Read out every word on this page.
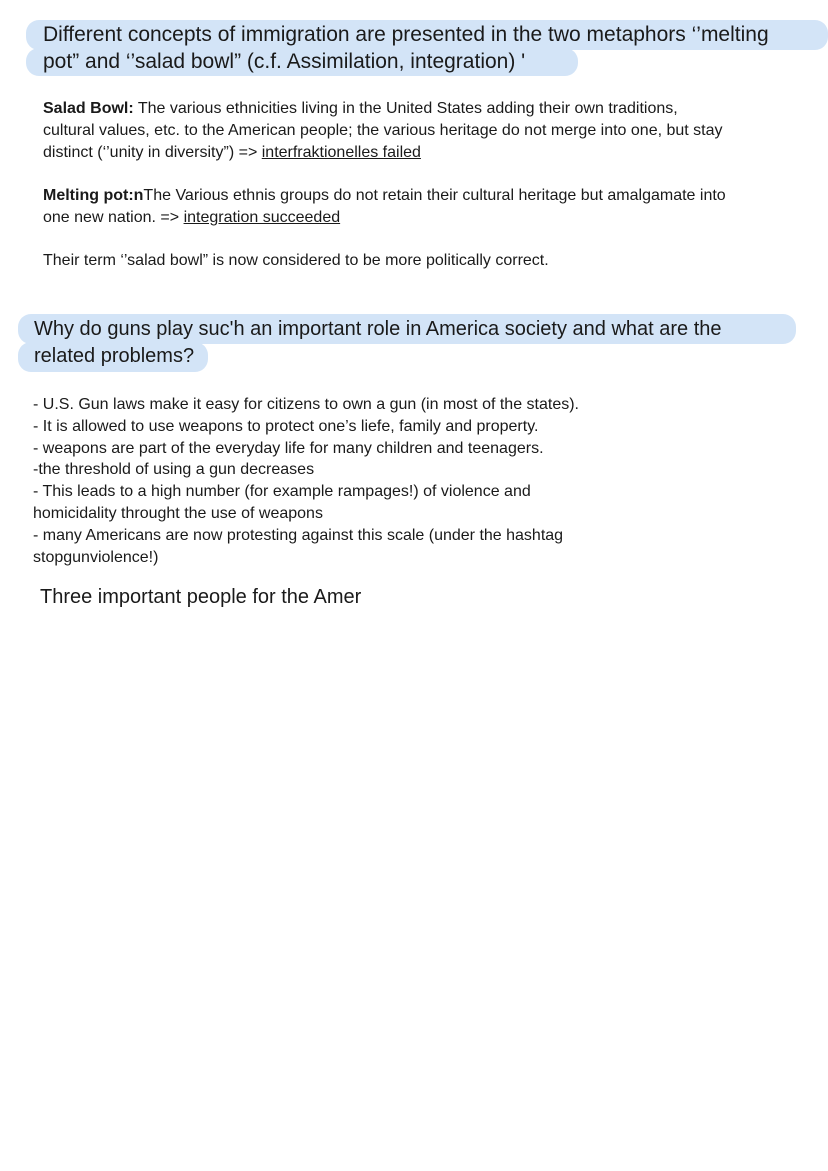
Different concepts of immigration are presented in the two metaphors ‘’melting
pot” and ‘’salad bowl” (c.f. Assimilation, integration) '
Salad Bowl: The various ethnicities living in the United States adding their own traditions,
cultural values, etc. to the American people; the various heritage do not merge into one, but stay
distinct (‘’unity in diversity”) => interfraktionelles failed
Melting pot:nThe Various ethnis groups do not retain their cultural heritage but amalgamate into
one new nation. => integration succeeded
Their term ‘’salad bowl” is now considered to be more politically correct.
Why do guns play suc'h an important role in America society and what are the
related problems?
- U.S. Gun laws make it easy for citizens to own a gun (in most of the states).
- It is allowed to use weapons to protect one’s liefe, family and property.
- weapons are part of the everyday life for many children and teenagers.
-the threshold of using a gun decreases
- This leads to a high number (for example rampages!) of violence and
homicidality throught the use of weapons
- many Americans are now protesting against this scale (under the hashtag
stopgunviolence!)
Three important people for the Amer
